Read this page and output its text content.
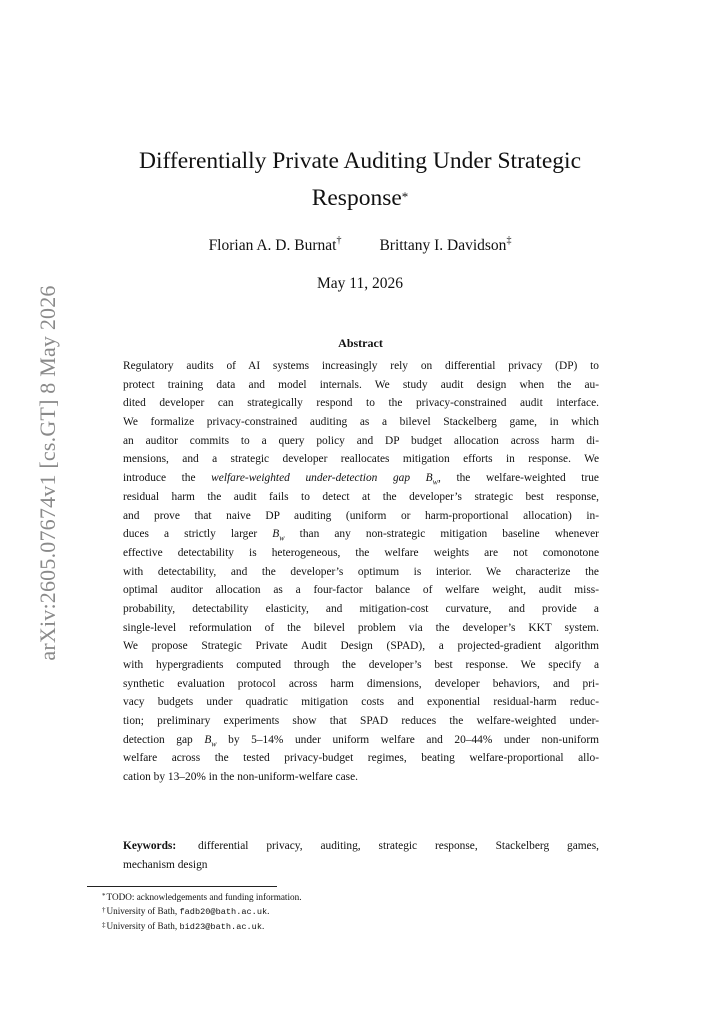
arXiv:2605.07674v1 [cs.GT] 8 May 2026
Differentially Private Auditing Under Strategic
Response*
Florian A. D. Burnat† Brittany I. Davidson‡
May 11, 2026
Abstract
Regulatory audits of AI systems increasingly rely on differential privacy (DP) to
protect training data and model internals. We study audit design when the au-
dited developer can strategically respond to the privacy-constrained audit interface.
We formalize privacy-constrained auditing as a bilevel Stackelberg game, in which
an auditor commits to a query policy and DP budget allocation across harm di-
mensions, and a strategic developer reallocates mitigation efforts in response. We
introduce the welfare-weighted under-detection gap $B_w$, the welfare-weighted true
residual harm the audit fails to detect at the developer’s strategic best response,
and prove that naive DP auditing (uniform or harm-proportional allocation) in-
duces a strictly larger $B_w$ than any non-strategic mitigation baseline whenever
effective detectability is heterogeneous, the welfare weights are not comonotone
with detectability, and the developer’s optimum is interior. We characterize the
optimal auditor allocation as a four-factor balance of welfare weight, audit miss-
probability, detectability elasticity, and mitigation-cost curvature, and provide a
single-level reformulation of the bilevel problem via the developer’s KKT system.
We propose Strategic Private Audit Design (SPAD), a projected-gradient algorithm
with hypergradients computed through the developer’s best response. We specify a
synthetic evaluation protocol across harm dimensions, developer behaviors, and pri-
vacy budgets under quadratic mitigation costs and exponential residual-harm reduc-
tion; preliminary experiments show that SPAD reduces the welfare-weighted under-
detection gap $B_w$ by 5–14% under uniform welfare and 20–44% under non-uniform
welfare across the tested privacy-budget regimes, beating welfare-proportional allo-
cation by 13–20% in the non-uniform-welfare case.
Keywords: differential privacy, auditing, strategic response, Stackelberg games,
mechanism design
*TODO: acknowledgements and funding information.
†University of Bath, fadb20@bath.ac.uk.
‡University of Bath, bid23@bath.ac.uk.
